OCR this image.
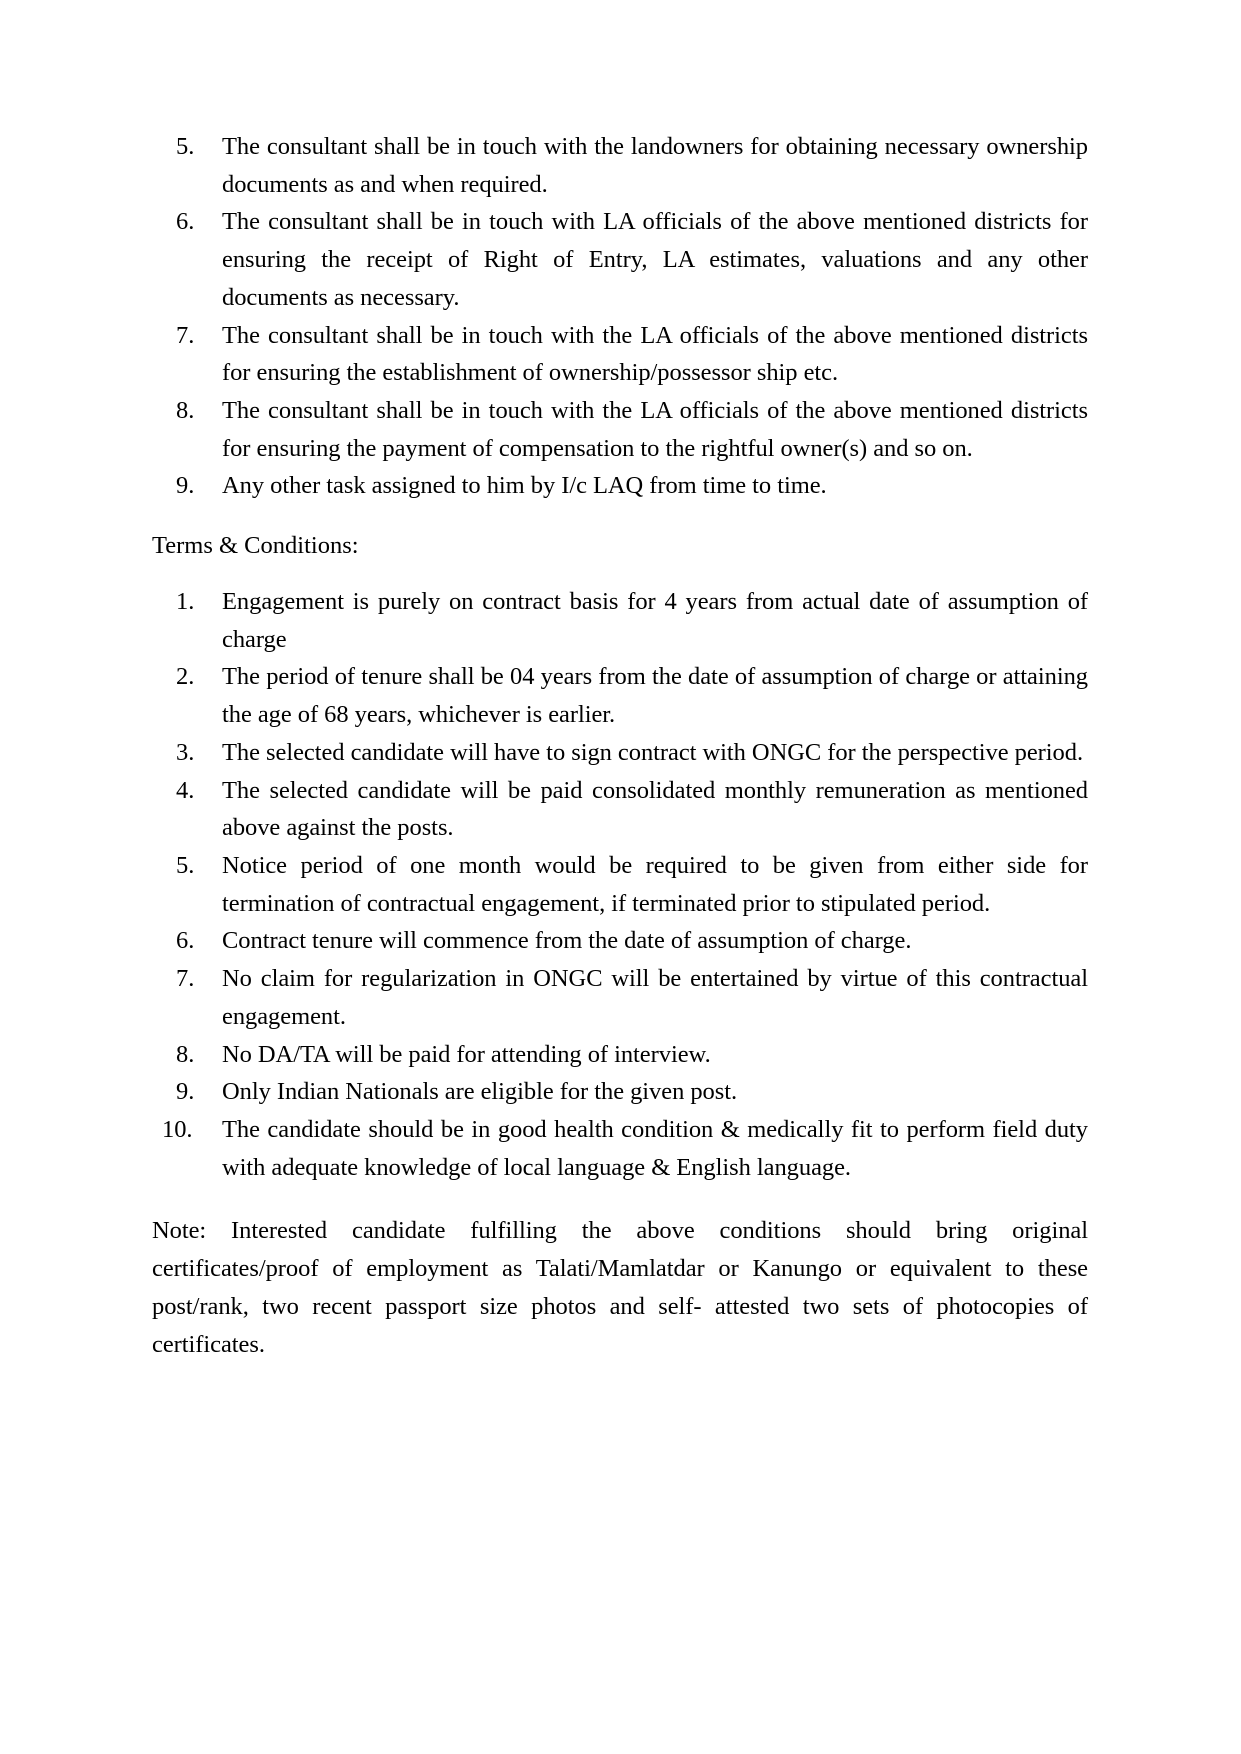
5.	The consultant shall be in touch with the landowners for obtaining necessary ownership documents as and when required.
6.	The consultant shall be in touch with LA officials of the above mentioned districts for ensuring the receipt of Right of Entry, LA estimates, valuations and any other documents as necessary.
7.	The consultant shall be in touch with the LA officials of the above mentioned districts for ensuring the establishment of ownership/possessor ship etc.
8.	The consultant shall be in touch with the LA officials of the above mentioned districts for ensuring the payment of compensation to the rightful owner(s) and so on.
9.	Any other task assigned to him by I/c LAQ from time to time.
Terms & Conditions:
1.	Engagement is purely on contract basis for 4 years from actual date of assumption of charge
2.	The period of tenure shall be 04 years from the date of assumption of charge or attaining the age of 68 years, whichever is earlier.
3.	The selected candidate will have to sign contract with ONGC for the perspective period.
4.	The selected candidate will be paid consolidated monthly remuneration as mentioned above against the posts.
5.	Notice period of one month would be required to be given from either side for termination of contractual engagement, if terminated prior to stipulated period.
6.	Contract tenure will commence from the date of assumption of charge.
7.	No claim for regularization in ONGC will be entertained by virtue of this contractual engagement.
8.	No DA/TA will be paid for attending of interview.
9.	Only Indian Nationals are eligible for the given post.
10.	The candidate should be in good health condition & medically fit to perform field duty with adequate knowledge of local language & English language.

Note: Interested candidate fulfilling the above conditions should bring original certificates/proof of employment as Talati/Mamlatdar or Kanungo or equivalent to these post/rank, two recent passport size photos and self- attested two sets of photocopies of certificates.
